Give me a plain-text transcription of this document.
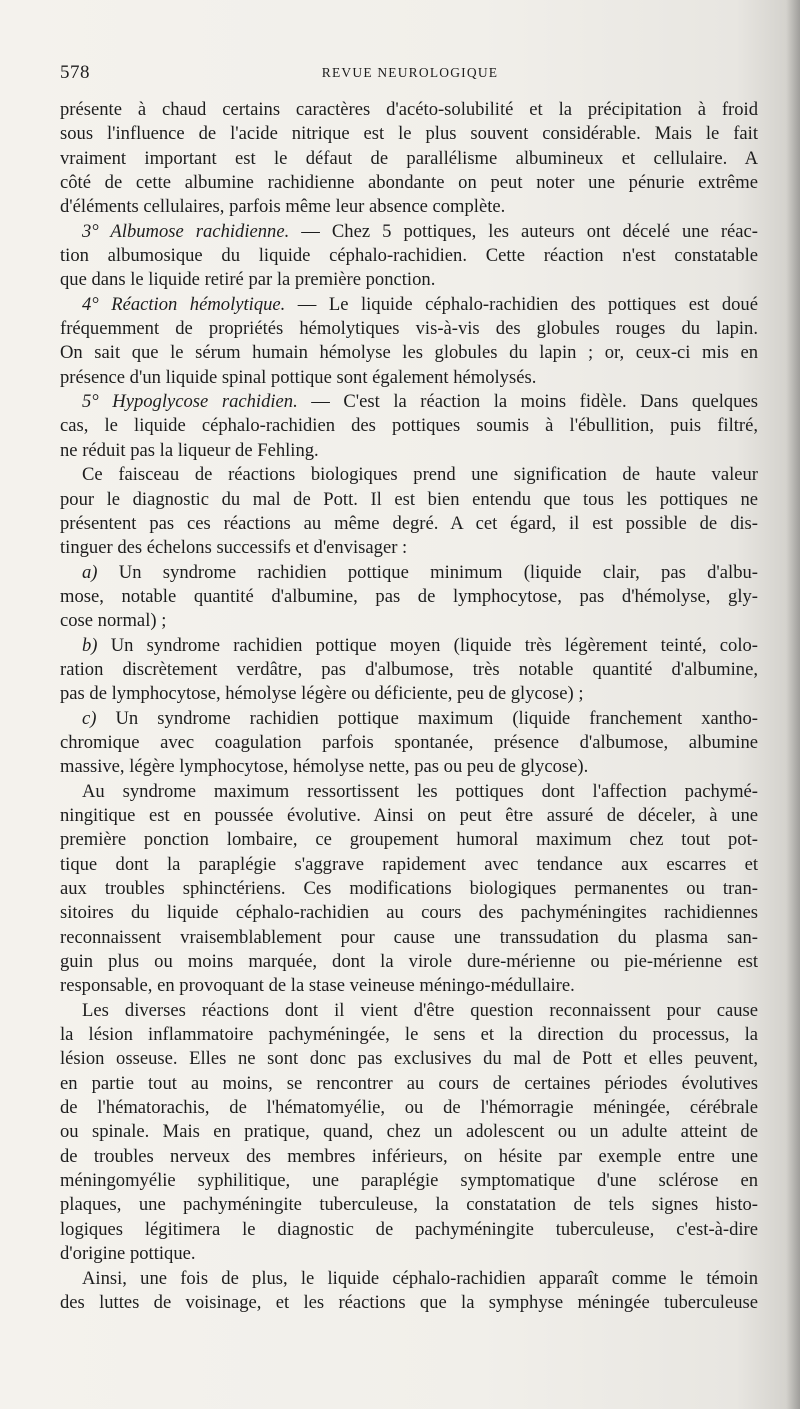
578	REVUE NEUROLOGIQUE
présente à chaud certains caractères d'acéto-solubilité et la précipitation à froid
sous l'influence de l'acide nitrique est le plus souvent considérable. Mais le fait
vraiment important est le défaut de parallélisme albumineux et cellulaire. A
côté de cette albumine rachidienne abondante on peut noter une pénurie extrême
d'éléments cellulaires, parfois même leur absence complète.
3° Albumose rachidienne. — Chez 5 pottiques, les auteurs ont décelé une réac-
tion albumosique du liquide céphalo-rachidien. Cette réaction n'est constatable
que dans le liquide retiré par la première ponction.
4° Réaction hémolytique. — Le liquide céphalo-rachidien des pottiques est doué
fréquemment de propriétés hémolytiques vis-à-vis des globules rouges du lapin.
On sait que le sérum humain hémolyse les globules du lapin ; or, ceux-ci mis en
présence d'un liquide spinal pottique sont également hémolysés.
5° Hypoglycose rachidien. — C'est la réaction la moins fidèle. Dans quelques
cas, le liquide céphalo-rachidien des pottiques soumis à l'ébullition, puis filtré,
ne réduit pas la liqueur de Fehling.
Ce faisceau de réactions biologiques prend une signification de haute valeur
pour le diagnostic du mal de Pott. Il est bien entendu que tous les pottiques ne
présentent pas ces réactions au même degré. A cet égard, il est possible de dis-
tinguer des échelons successifs et d'envisager :
a) Un syndrome rachidien pottique minimum (liquide clair, pas d'albu-
mose, notable quantité d'albumine, pas de lymphocytose, pas d'hémolyse, gly-
cose normal) ;
b) Un syndrome rachidien pottique moyen (liquide très légèrement teinté, colo-
ration discrètement verdâtre, pas d'albumose, très notable quantité d'albumine,
pas de lymphocytose, hémolyse légère ou déficiente, peu de glycose) ;
c) Un syndrome rachidien pottique maximum (liquide franchement xantho-
chromique avec coagulation parfois spontanée, présence d'albumose, albumine
massive, légère lymphocytose, hémolyse nette, pas ou peu de glycose).
Au syndrome maximum ressortissent les pottiques dont l'affection pachymé-
ningitique est en poussée évolutive. Ainsi on peut être assuré de déceler, à une
première ponction lombaire, ce groupement humoral maximum chez tout pot-
tique dont la paraplégie s'aggrave rapidement avec tendance aux escarres et
aux troubles sphinctériens. Ces modifications biologiques permanentes ou tran-
sitoires du liquide céphalo-rachidien au cours des pachyméningites rachidiennes
reconnaissent vraisemblablement pour cause une transsudation du plasma san-
guin plus ou moins marquée, dont la virole dure-mérienne ou pie-mérienne est
responsable, en provoquant de la stase veineuse méningo-médullaire.
Les diverses réactions dont il vient d'être question reconnaissent pour cause
la lésion inflammatoire pachyméningée, le sens et la direction du processus, la
lésion osseuse. Elles ne sont donc pas exclusives du mal de Pott et elles peuvent,
en partie tout au moins, se rencontrer au cours de certaines périodes évolutives
de l'hématorachis, de l'hématomyélie, ou de l'hémorragie méningée, cérébrale
ou spinale. Mais en pratique, quand, chez un adolescent ou un adulte atteint de
de troubles nerveux des membres inférieurs, on hésite par exemple entre une
méningomyélie syphilitique, une paraplégie symptomatique d'une sclérose en
plaques, une pachyméningite tuberculeuse, la constatation de tels signes histo-
logiques légitimera le diagnostic de pachyméningite tuberculeuse, c'est-à-dire
d'origine pottique.
Ainsi, une fois de plus, le liquide céphalo-rachidien apparaît comme le témoin
des luttes de voisinage, et les réactions que la symphyse méningée tuberculeuse
